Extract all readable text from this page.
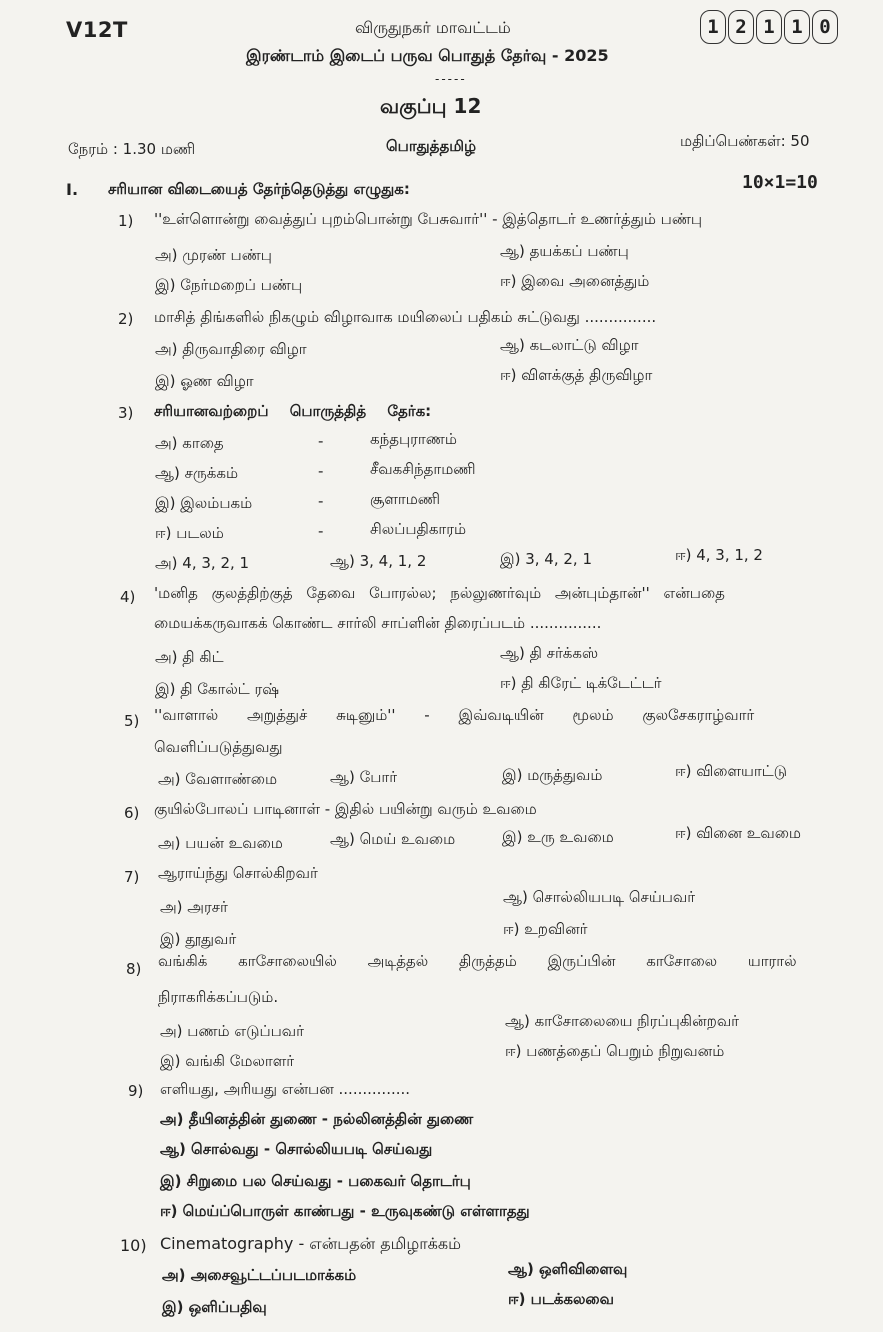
V12T	விருதுநகர் மாவட்டம்
இரண்டாம் இடைப் பருவ பொதுத் தேர்வு - 2025
-----
வகுப்பு 12
நேரம் : 1.30 மணி	பொதுத்தமிழ்	மதிப்பெண்கள்: 50
1 2 1 1 0
I. சரியான விடையைத் தேர்ந்தெடுத்து எழுதுக:	10×1=10
1) ''உள்ளொன்று வைத்துப் புறம்பொன்று பேசுவார்'' - இத்தொடர் உணர்த்தும் பண்பு
அ) முரண் பண்பு	ஆ) தயக்கப் பண்பு
இ) நேர்மறைப் பண்பு	ஈ) இவை அனைத்தும்
2) மாசித் திங்களில் நிகழும் விழாவாக மயிலைப் பதிகம் சுட்டுவது ...............
அ) திருவாதிரை விழா	ஆ) கடலாட்டு விழா
இ) ஓண விழா	ஈ) விளக்குத் திருவிழா
3) சரியானவற்றைப் பொருத்தித் தேர்க:
அ) காதை	-	கந்தபுராணம்
ஆ) சருக்கம்	-	சீவகசிந்தாமணி
இ) இலம்பகம்	-	சூளாமணி
ஈ) படலம்	-	சிலப்பதிகாரம்
அ) 4, 3, 2, 1	ஆ) 3, 4, 1, 2	இ) 3, 4, 2, 1	ஈ) 4, 3, 1, 2
4) 'மனித குலத்திற்குத் தேவை போரல்ல; நல்லுணர்வும் அன்பும்தான்'' என்பதை
மையக்கருவாகக் கொண்ட சார்லி சாப்ளின் திரைப்படம் ...............
அ) தி கிட்	ஆ) தி சர்க்கஸ்
இ) தி கோல்ட் ரஷ்	ஈ) தி கிரேட் டிக்டேட்டர்
5) ''வாளால் அறுத்துச் சுடினும்'' - இவ்வடியின் மூலம் குலசேகராழ்வார்
வெளிப்படுத்துவது
அ) வேளாண்மை	ஆ) போர்	இ) மருத்துவம்	ஈ) விளையாட்டு
6) குயில்போலப் பாடினாள் - இதில் பயின்று வரும் உவமை
அ) பயன் உவமை	ஆ) மெய் உவமை	இ) உரு உவமை	ஈ) வினை உவமை
7) ஆராய்ந்து சொல்கிறவர்
அ) அரசர்
ஆ) சொல்லியபடி செய்பவர்
இ) தூதுவர்
ஈ) உறவினர்
8) வங்கிக் காசோலையில் அடித்தல் திருத்தம் இருப்பின் காசோலை யாரால்
நிராகரிக்கப்படும்.
அ) பணம் எடுப்பவர்
ஆ) காசோலையை நிரப்புகின்றவர்
இ) வங்கி மேலாளர்
ஈ) பணத்தைப் பெறும் நிறுவனம்
9) எளியது, அரியது என்பன ...............
அ) தீயினத்தின் துணை - நல்லினத்தின் துணை
ஆ) சொல்வது - சொல்லியபடி செய்வது
இ) சிறுமை பல செய்வது - பகைவர் தொடர்பு
ஈ) மெய்ப்பொருள் காண்பது - உருவுகண்டு எள்ளாதது
10) Cinematography - என்பதன் தமிழாக்கம்
அ) அசைவூட்டப்படமாக்கம்	ஆ) ஒளிவிளைவு
இ) ஒளிப்பதிவு	ஈ) படக்கலவை
